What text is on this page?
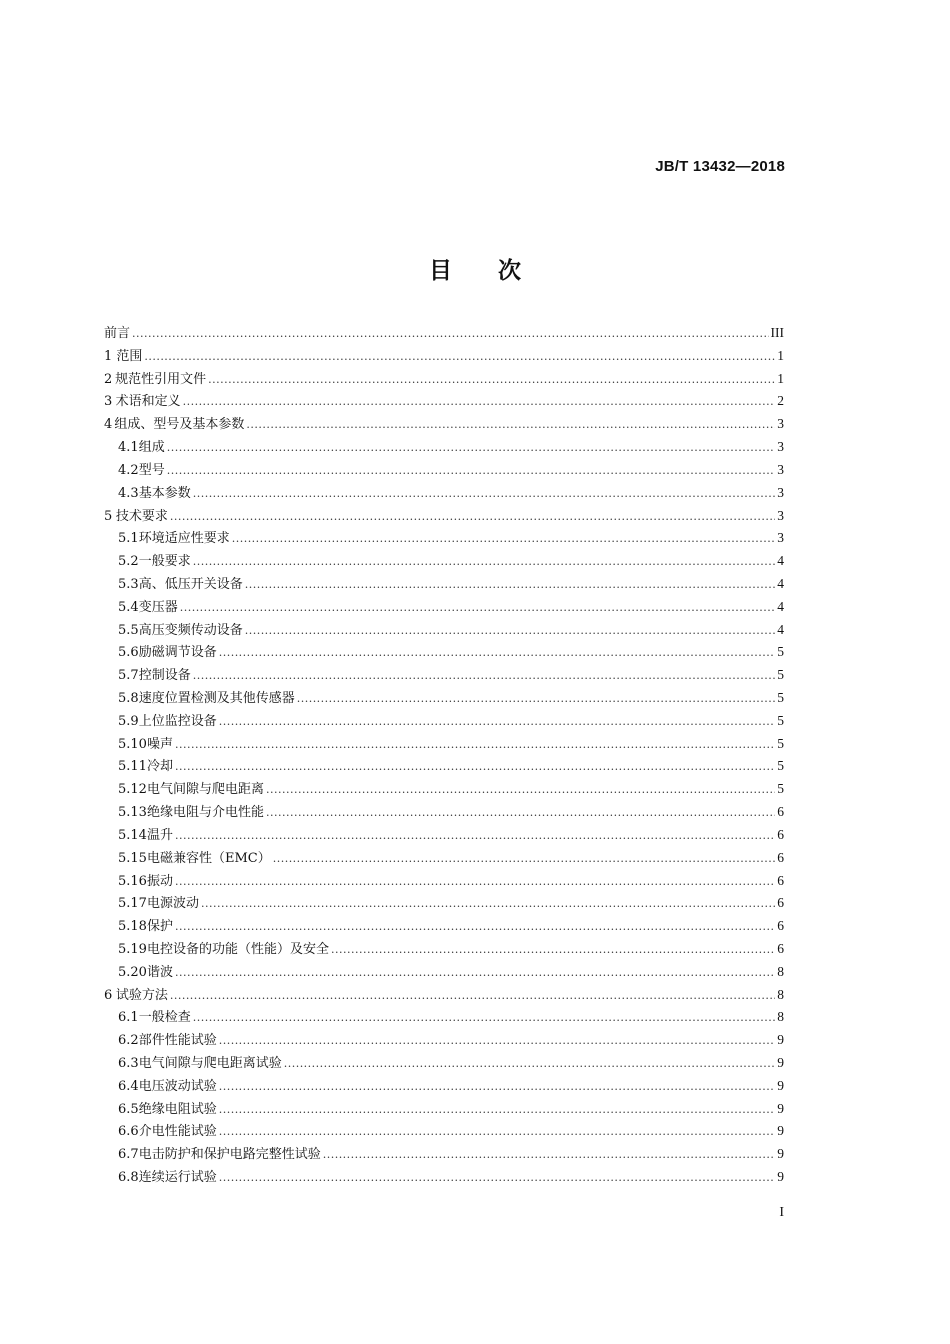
JB/T 13432—2018
目 次
前言 .....	III
1 范围 .....	1
2 规范性引用文件 .....	1
3 术语和定义 .....	2
4 组成、型号及基本参数 .....	3
4.1 组成 .....	3
4.2 型号 .....	3
4.3 基本参数 .....	3
5 技术要求 .....	3
5.1 环境适应性要求 .....	3
5.2 一般要求 .....	4
5.3 高、低压开关设备 .....	4
5.4 变压器 .....	4
5.5 高压变频传动设备 .....	4
5.6 励磁调节设备 .....	5
5.7 控制设备 .....	5
5.8 速度位置检测及其他传感器 .....	5
5.9 上位监控设备 .....	5
5.10 噪声 .....	5
5.11 冷却 .....	5
5.12 电气间隙与爬电距离 .....	5
5.13 绝缘电阻与介电性能 .....	6
5.14 温升 .....	6
5.15 电磁兼容性（EMC） .....	6
5.16 振动 .....	6
5.17 电源波动 .....	6
5.18 保护 .....	6
5.19 电控设备的功能（性能）及安全 .....	6
5.20 谐波 .....	8
6 试验方法 .....	8
6.1 一般检查 .....	8
6.2 部件性能试验 .....	9
6.3 电气间隙与爬电距离试验 .....	9
6.4 电压波动试验 .....	9
6.5 绝缘电阻试验 .....	9
6.6 介电性能试验 .....	9
6.7 电击防护和保护电路完整性试验 .....	9
6.8 连续运行试验 .....	9
I
